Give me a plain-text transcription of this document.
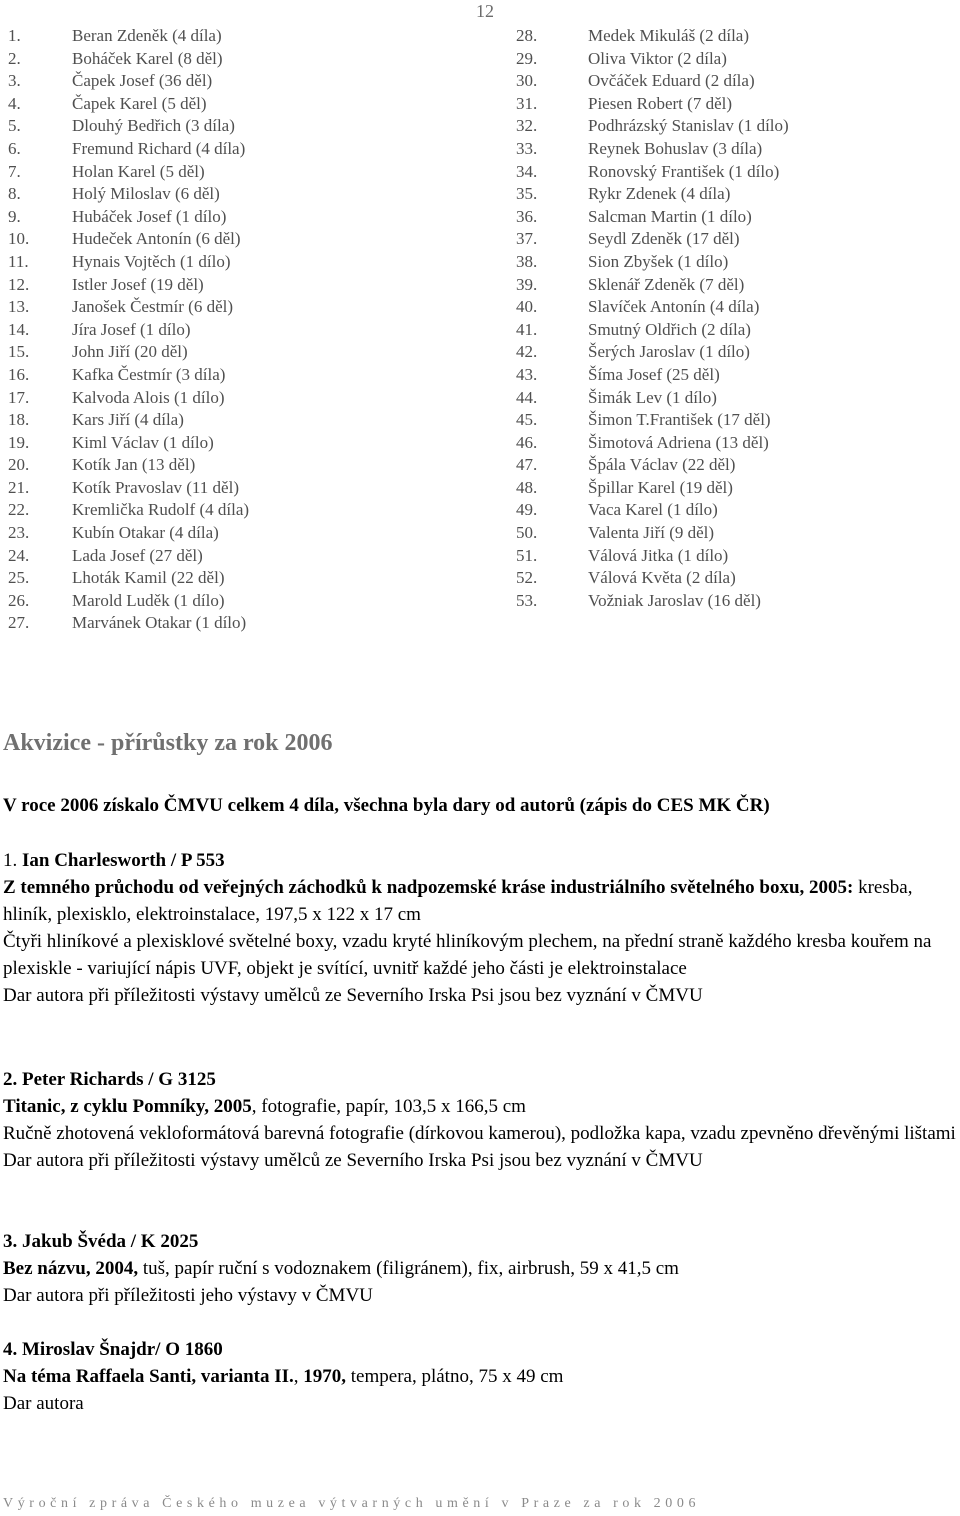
12
1.	Beran Zdeněk (4 díla)
2.	Boháček Karel (8 děl)
3.	Čapek Josef (36 děl)
4.	Čapek Karel (5 děl)
5.	Dlouhý Bedřich (3 díla)
6.	Fremund Richard (4 díla)
7.	Holan Karel (5 děl)
8.	Holý Miloslav (6 děl)
9.	Hubáček Josef (1 dílo)
10.	Hudeček Antonín (6 děl)
11.	Hynais Vojtěch (1 dílo)
12.	Istler Josef (19 děl)
13.	Janošek Čestmír (6 děl)
14.	Jíra Josef (1 dílo)
15.	John Jiří (20 děl)
16.	Kafka Čestmír (3 díla)
17.	Kalvoda Alois (1 dílo)
18.	Kars Jiří (4 díla)
19.	Kiml Václav (1 dílo)
20.	Kotík Jan (13 děl)
21.	Kotík Pravoslav (11 děl)
22.	Kremlička Rudolf (4 díla)
23.	Kubín Otakar (4 díla)
24.	Lada Josef (27 děl)
25.	Lhoták Kamil (22 děl)
26.	Marold Luděk (1 dílo)
27.	Marvánek Otakar (1 dílo)
28.	Medek Mikuláš (2 díla)
29.	Oliva Viktor (2 díla)
30.	Ovčáček Eduard (2 díla)
31.	Piesen Robert (7 děl)
32.	Podhrázský Stanislav (1 dílo)
33.	Reynek Bohuslav (3 díla)
34.	Ronovský František (1 dílo)
35.	Rykr Zdenek (4 díla)
36.	Salcman Martin (1 dílo)
37.	Seydl Zdeněk (17 děl)
38.	Sion Zbyšek (1 dílo)
39.	Sklenář Zdeněk (7 děl)
40.	Slavíček Antonín (4 díla)
41.	Smutný Oldřich (2 díla)
42.	Šerých Jaroslav (1 dílo)
43.	Šíma Josef (25 děl)
44.	Šimák Lev (1 dílo)
45.	Šimon T.František (17 děl)
46.	Šimotová Adriena (13 děl)
47.	Špála Václav (22 děl)
48.	Špillar Karel (19 děl)
49.	Vaca Karel (1 dílo)
50.	Valenta Jiří (9 děl)
51.	Válová Jitka (1 dílo)
52.	Válová Květa (2 díla)
53.	Vožniak Jaroslav (16 děl)
Akvizice - přírůstky za rok 2006
V roce 2006 získalo ČMVU celkem 4 díla, všechna byla dary od autorů (zápis do CES MK ČR)

1. Ian Charlesworth / P 553

Z temného průchodu od veřejných záchodků k nadpozemské kráse industriálního světelného boxu, 2005: kresba, hliník, plexisklo, elektroinstalace, 197,5 x 122 x 17 cm

Čtyři hliníkové a plexisklové světelné boxy, vzadu kryté hliníkovým plechem, na přední straně každého kresba kouřem na plexiskle - variující nápis UVF, objekt je svítící, uvnitř každé jeho části je elektroinstalace

Dar autora při příležitosti výstavy umělců ze Severního Irska Psi jsou bez vyznání v ČMVU

2. Peter Richards / G 3125

Titanic, z cyklu Pomníky, 2005, fotografie, papír, 103,5 x 166,5 cm

Ručně zhotovená vekloformátová barevná fotografie (dírkovou kamerou), podložka kapa, vzadu zpevněno dřevěnými lištami

Dar autora při příležitosti výstavy umělců ze Severního Irska Psi jsou bez vyznání v ČMVU

3. Jakub Švéda / K 2025

Bez názvu, 2004, tuš, papír ruční s vodoznakem (filigránem), fix, airbrush, 59 x 41,5 cm

Dar autora při příležitosti jeho výstavy v ČMVU

4. Miroslav Šnajdr/ O 1860

Na téma Raffaela Santi, varianta II., 1970, tempera, plátno, 75 x 49 cm

Dar autora

Výroční zpráva Českého muzea výtvarných umění v Praze za rok 2006
